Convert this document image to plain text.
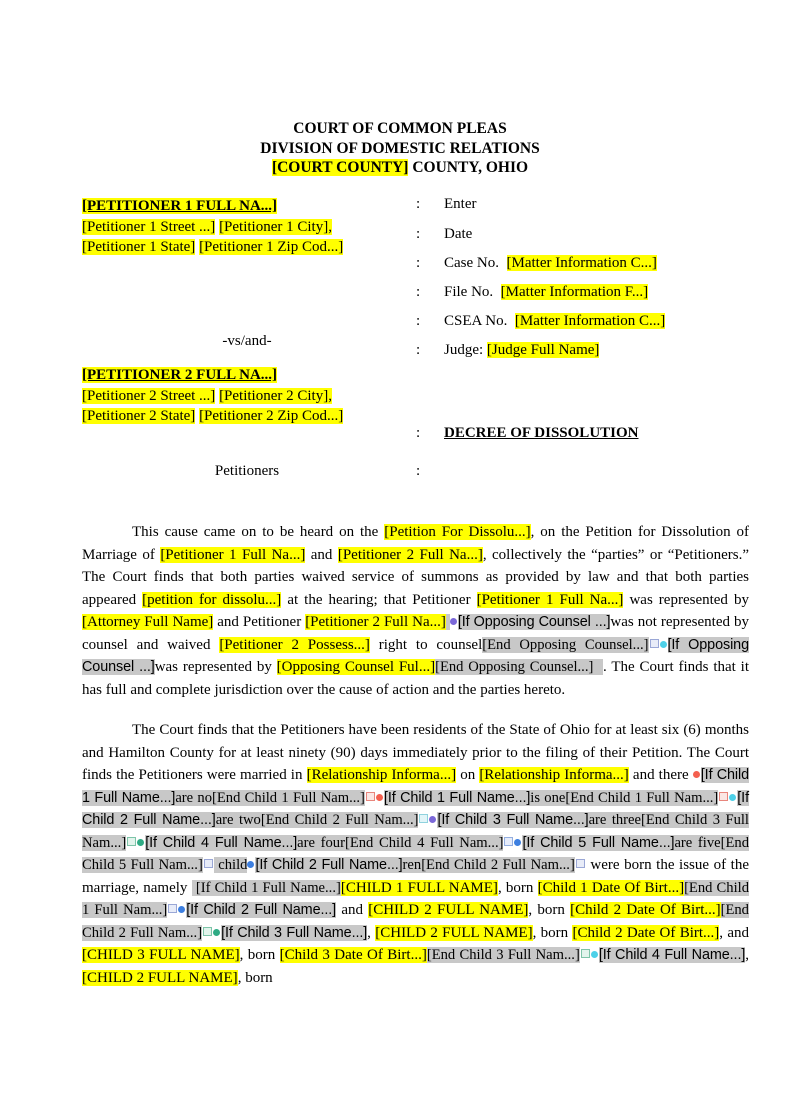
COURT OF COMMON PLEAS
DIVISION OF DOMESTIC RELATIONS
[COURT COUNTY] COUNTY, OHIO
[PETITIONER 1 FULL NA...]
[Petitioner 1 Street ...] [Petitioner 1 City],
[Petitioner 1 State] [Petitioner 1 Zip Cod...]
: Enter
: Date
: Case No. [Matter Information C...]
: File No. [Matter Information F...]
: CSEA No. [Matter Information C...]
-vs/and-
: Judge: [Judge Full Name]
[PETITIONER 2 FULL NA...]
[Petitioner 2 Street ...] [Petitioner 2 City],
[Petitioner 2 State] [Petitioner 2 Zip Cod...]
: DECREE OF DISSOLUTION
Petitioners	:

This cause came on to be heard on the [Petition For Dissolu...], on the Petition for Dissolution of Marriage of [Petitioner 1 Full Na...] and [Petitioner 2 Full Na...], collectively the “parties” or “Petitioners.” The Court finds that both parties waived service of summons as provided by law and that both parties appeared [petition for dissolu...] at the hearing; that Petitioner [Petitioner 1 Full Na...] was represented by [Attorney Full Name] and Petitioner [Petitioner 2 Full Na...] [If Opposing Counsel ...]was not represented by counsel and waived [Petitioner 2 Possess...] right to counsel[End Opposing Counsel...] [If Opposing Counsel ...]was represented by [Opposing Counsel Ful...][End Opposing Counsel...] . The Court finds that it has full and complete jurisdiction over the cause of action and the parties hereto.

The Court finds that the Petitioners have been residents of the State of Ohio for at least six (6) months and Hamilton County for at least ninety (90) days immediately prior to the filing of their Petition. The Court finds the Petitioners were married in [Relationship Informa...] on [Relationship Informa...] and there [If Child 1 Full Name...]are no[End Child 1 Full Nam...] [If Child 1 Full Name...]is one[End Child 1 Full Nam...] [If Child 2 Full Name...]are two[End Child 2 Full Nam...] [If Child 3 Full Name...]are three[End Child 3 Full Nam...] [If Child 4 Full Name...]are four[End Child 4 Full Nam...] [If Child 5 Full Name...]are five[End Child 5 Full Nam...] child [If Child 2 Full Name...]ren[End Child 2 Full Nam...] were born the issue of the marriage, namely  [If Child 1 Full Name...][CHILD 1 FULL NAME], born [Child 1 Date Of Birt...][End Child 1 Full Nam...] [If Child 2 Full Name...] and [CHILD 2 FULL NAME], born [Child 2 Date Of Birt...][End Child 2 Full Nam...] [If Child 3 Full Name...], [CHILD 2 FULL NAME], born [Child 2 Date Of Birt...], and [CHILD 3 FULL NAME], born [Child 3 Date Of Birt...][End Child 3 Full Nam...] [If Child 4 Full Name...], [CHILD 2 FULL NAME], born
